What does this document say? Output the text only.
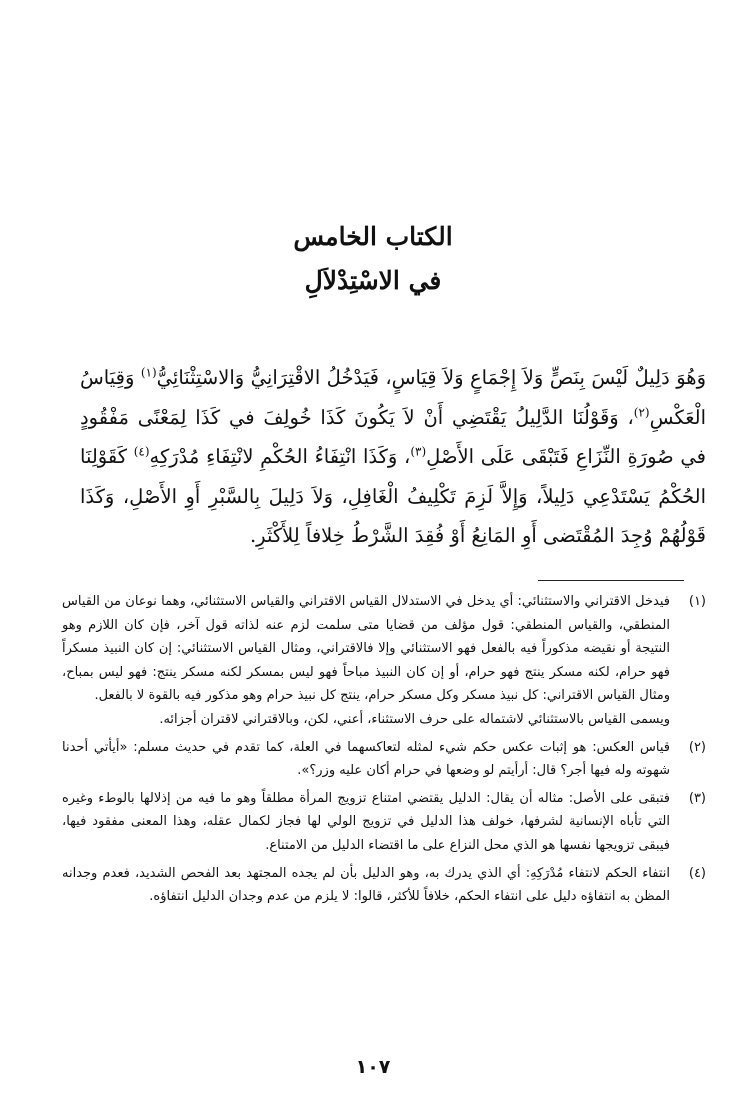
الكتاب الخامس
في الاسْتِدْلاَلِ

وَهُوَ دَلِيلٌ لَيْسَ بِنَصٍّ وَلاَ إِجْمَاعٍ وَلاَ قِيَاسٍ، فَيَدْخُلُ الاقْتِرَانِيُّ وَالاسْتِثْنَائِيُّ$^{(١)}$ وَقِيَاسُ الْعَكْسِ$^{(٢)}$، وَقَوْلُنَا الدَّلِيلُ يَقْتَضِي أَنْ لاَ يَكُونَ كَذَا خُولِفَ في كَذَا لِمَعْنًى مَفْقُودٍ في صُورَةِ النِّزَاعِ فَتَبْقَى عَلَى الأَصْلِ$^{(٣)}$، وَكَذَا انْتِفَاءُ الحُكْمِ لانْتِفَاءِ مُدْرَكِهِ$^{(٤)}$ كَقَوْلِنَا الحُكْمُ يَسْتَدْعِي دَلِيلاً، وَإِلاَّ لَزِمَ تَكْلِيفُ الْغَافِلِ، وَلاَ دَلِيلَ بِالسَّبْرِ أَوِ الأَصْلِ، وَكَذَا قَوْلُهُمْ وُجِدَ المُقْتَضى أَوِ المَانِعُ أَوْ فُقِدَ الشَّرْطُ خِلافاً لِلأَكْثَرِ.

(١)

فيدخل الاقتراني والاستثنائي: أي يدخل في الاستدلال القياس الاقتراني والقياس الاستثنائي، وهما نوعان من القياس المنطقي، والقياس المنطقي: قول مؤلف من قضايا متى سلمت لزم عنه لذاته قول آخر، فإن كان اللازم وهو النتيجة أو نقيضه مذكوراً فيه بالفعل فهو الاستثنائي وإلا فالاقتراني، ومثال القياس الاستثنائي: إن كان النبيذ مسكراً فهو حرام، لكنه مسكر ينتج فهو حرام، أو إن كان النبيذ مباحاً فهو ليس بمسكر لكنه مسكر ينتج: فهو ليس بمباح، ومثال القياس الاقتراني: كل نبيذ مسكر وكل مسكر حرام، ينتج كل نبيذ حرام وهو مذكور فيه بالقوة لا بالفعل.

ويسمى القياس بالاستثنائي لاشتماله على حرف الاستثناء، أعني، لكن، وبالاقتراني لاقتران أجزائه.

(٢)

قياس العكس: هو إثبات عكس حكم شيء لمثله لتعاكسهما في العلة، كما تقدم في حديث مسلم: «أيأتي أحدنا شهوته وله فيها أجر؟ قال: أرأيتم لو وضعها في حرام أكان عليه وزر؟».

(٣)

فتبقى على الأصل: مثاله أن يقال: الدليل يقتضي امتناع تزويج المرأة مطلقاً وهو ما فيه من إذلالها بالوطء وغيره التي تأباه الإنسانية لشرفها، خولف هذا الدليل في تزويج الولي لها فجاز لكمال عقله، وهذا المعنى مفقود فيها، فيبقى تزويجها نفسها هو الذي محل النزاع على ما اقتضاء الدليل من الامتناع.

(٤)

انتفاء الحكم لانتفاء مُدْرَكِهِ: أي الذي يدرك به، وهو الدليل بأن لم يجده المجتهد بعد الفحص الشديد، فعدم وجدانه المظن به انتفاؤه دليل على انتفاء الحكم، خلافاً للأكثر، قالوا: لا يلزم من عدم وجدان الدليل انتفاؤه.

١٠٧
